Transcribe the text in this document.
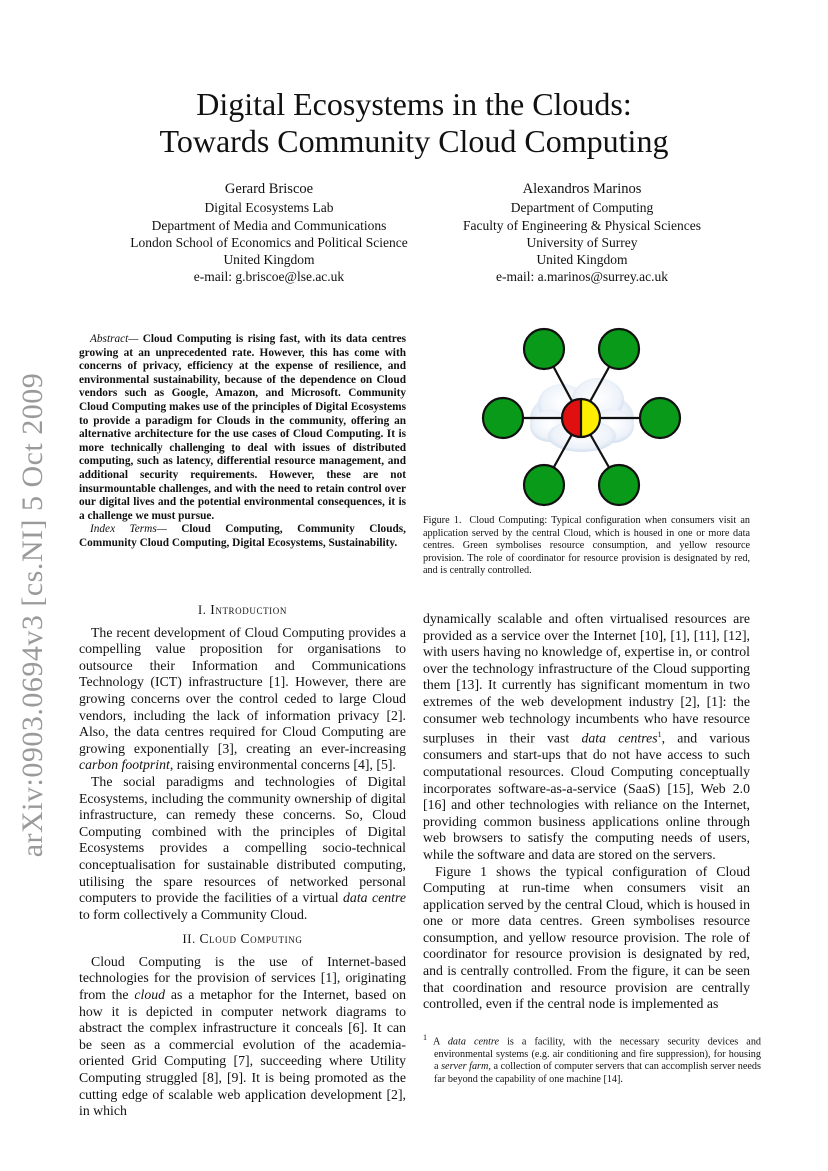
arXiv:0903.0694v3 [cs.NI] 5 Oct 2009
Digital Ecosystems in the Clouds:
Towards Community Cloud Computing
Gerard Briscoe
Digital Ecosystems Lab
Department of Media and Communications
London School of Economics and Political Science
United Kingdom
e-mail: g.briscoe@lse.ac.uk
Alexandros Marinos
Department of Computing
Faculty of Engineering & Physical Sciences
University of Surrey
United Kingdom
e-mail: a.marinos@surrey.ac.uk
Abstract— Cloud Computing is rising fast, with its data centres growing at an unprecedented rate. However, this has come with concerns of privacy, efficiency at the expense of resilience, and environmental sustainability, because of the dependence on Cloud vendors such as Google, Amazon, and Microsoft. Community Cloud Computing makes use of the principles of Digital Ecosystems to provide a paradigm for Clouds in the community, offering an alternative architecture for the use cases of Cloud Computing. It is more technically challenging to deal with issues of distributed computing, such as latency, differential resource management, and additional security requirements. However, these are not insurmountable challenges, and with the need to retain control over our digital lives and the potential environmental consequences, it is a challenge we must pursue.
Index Terms— Cloud Computing, Community Clouds, Community Cloud Computing, Digital Ecosystems, Sustainability.
Figure 1. Cloud Computing: Typical configuration when consumers visit an application served by the central Cloud, which is housed in one or more data centres. Green symbolises resource consumption, and yellow resource provision. The role of coordinator for resource provision is designated by red, and is centrally controlled.
I. Introduction

The recent development of Cloud Computing provides a compelling value proposition for organisations to outsource their Information and Communications Technology (ICT) infrastructure [1]. However, there are growing concerns over the control ceded to large Cloud vendors, including the lack of information privacy [2]. Also, the data centres required for Cloud Computing are growing exponentially [3], creating an ever-increasing carbon footprint, raising environmental concerns [4], [5].

The social paradigms and technologies of Digital Ecosystems, including the community ownership of digital infrastructure, can remedy these concerns. So, Cloud Computing combined with the principles of Digital Ecosystems provides a compelling socio-technical conceptualisation for sustainable distributed computing, utilising the spare resources of networked personal computers to provide the facilities of a virtual data centre to form collectively a Community Cloud.

II. Cloud Computing

Cloud Computing is the use of Internet-based technologies for the provision of services [1], originating from the cloud as a metaphor for the Internet, based on how it is depicted in computer network diagrams to abstract the complex infrastructure it conceals [6]. It can be seen as a commercial evolution of the academia-oriented Grid Computing [7], succeeding where Utility Computing struggled [8], [9]. It is being promoted as the cutting edge of scalable web application development [2], in which

dynamically scalable and often virtualised resources are provided as a service over the Internet [10], [1], [11], [12], with users having no knowledge of, expertise in, or control over the technology infrastructure of the Cloud supporting them [13]. It currently has significant momentum in two extremes of the web development industry [2], [1]: the consumer web technology incumbents who have resource surpluses in their vast data centres$^1$, and various consumers and start-ups that do not have access to such computational resources. Cloud Computing conceptually incorporates software-as-a-service (SaaS) [15], Web 2.0 [16] and other technologies with reliance on the Internet, providing common business applications online through web browsers to satisfy the computing needs of users, while the software and data are stored on the servers.

Figure 1 shows the typical configuration of Cloud Computing at run-time when consumers visit an application served by the central Cloud, which is housed in one or more data centres. Green symbolises resource consumption, and yellow resource provision. The role of coordinator for resource provision is designated by red, and is centrally controlled. From the figure, it can be seen that coordination and resource provision are centrally controlled, even if the central node is implemented as

$^1$ A data centre is a facility, with the necessary security devices and environmental systems (e.g. air conditioning and fire suppression), for housing a server farm, a collection of computer servers that can accomplish server needs far beyond the capability of one machine [14].
